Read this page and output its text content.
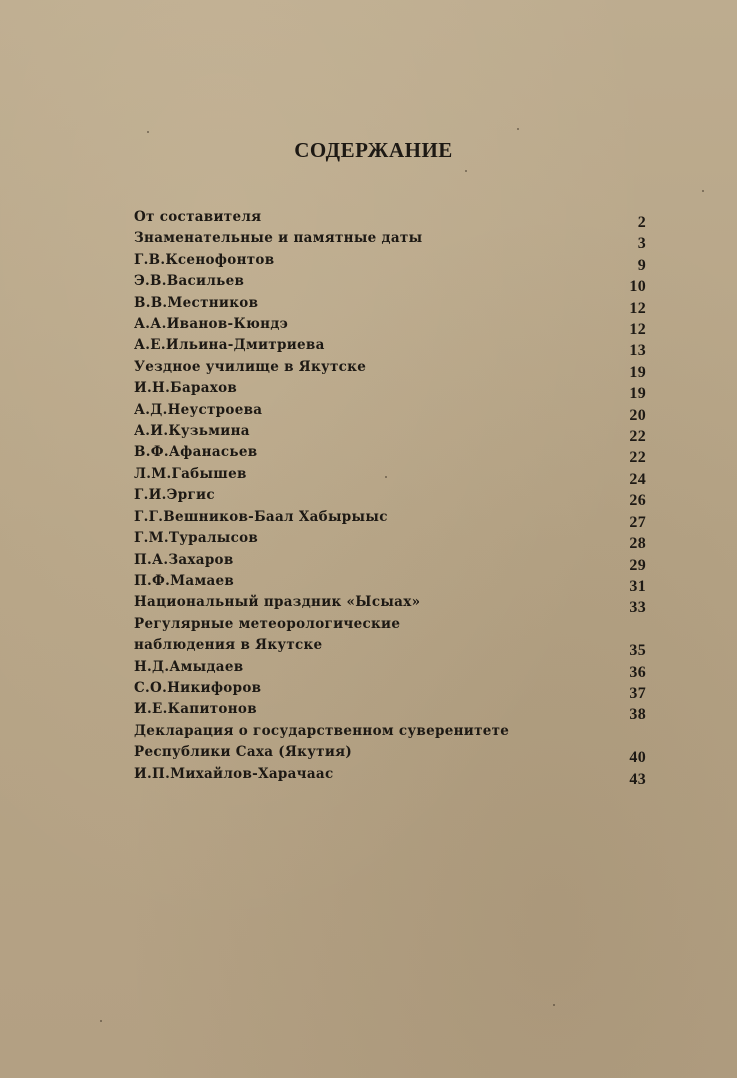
СОДЕРЖАНИЕ
От составителя	2
Знаменательные и памятные даты	3
Г.В.Ксенофонтов	9
Э.В.Васильев	10
В.В.Местников	12
А.А.Иванов-Кюндэ	12
А.Е.Ильина-Дмитриева	13
Уездное училище в Якутске	19
И.Н.Барахов	19
А.Д.Неустроева	20
А.И.Кузьмина	22
В.Ф.Афанасьев	22
Л.М.Габышев	24
Г.И.Эргис	26
Г.Г.Вешников-Баал Хабырыыс	27
Г.М.Туралысов	28
П.А.Захаров	29
П.Ф.Мамаев	31
Национальный праздник «Ысыах»	33
Регулярные метеорологические
наблюдения в Якутске	35
Н.Д.Амыдаев	36
С.О.Никифоров	37
И.Е.Капитонов	38
Декларация о государственном суверенитете
Республики Саха (Якутия)	40
И.П.Михайлов-Харачаас	43
